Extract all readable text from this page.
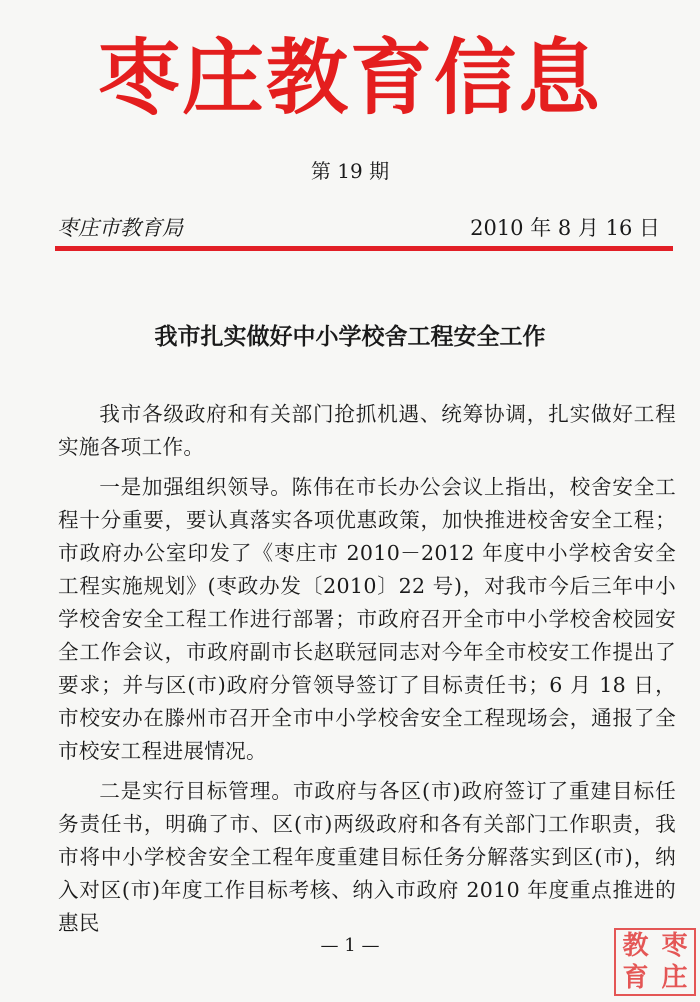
枣庄教育信息
第 19 期
枣庄市教育局	2010 年 8 月 16 日
我市扎实做好中小学校舍工程安全工作

我市各级政府和有关部门抢抓机遇、统筹协调，扎实做好工程实施各项工作。

一是加强组织领导。陈伟在市长办公会议上指出，校舍安全工程十分重要，要认真落实各项优惠政策，加快推进校舍安全工程；市政府办公室印发了《枣庄市 2010－2012 年度中小学校舍安全工程实施规划》(枣政办发〔2010〕22 号)，对我市今后三年中小学校舍安全工程工作进行部署；市政府召开全市中小学校舍校园安全工作会议，市政府副市长赵联冠同志对今年全市校安工作提出了要求；并与区(市)政府分管领导签订了目标责任书；6 月 18 日，市校安办在滕州市召开全市中小学校舍安全工程现场会，通报了全市校安工程进展情况。

二是实行目标管理。市政府与各区(市)政府签订了重建目标任务责任书，明确了市、区(市)两级政府和各有关部门工作职责，我市将中小学校舍安全工程年度重建目标任务分解落实到区(市)，纳入对区(市)年度工作目标考核、纳入市政府 2010 年度重点推进的惠民

— 1 —	教 枣
育 庄
